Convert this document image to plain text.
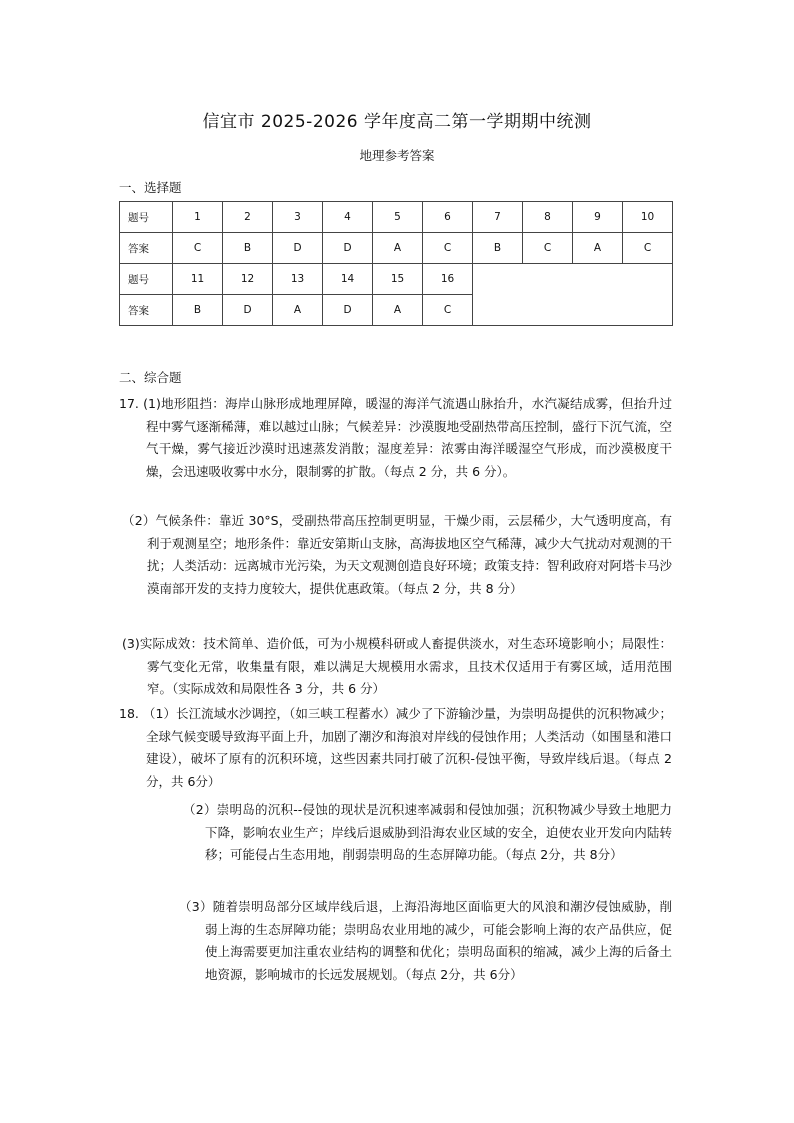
信宜市 2025-2026 学年度高二第一学期期中统测
地理参考答案
一、选择题
题号	1	2	3	4	5	6	7	8	9	10
答案	C	B	D	D	A	C	B	C	A	C
题号	11	12	13	14	15	16				
答案	B	D	A	D	A	C				
二、综合题

17. (1)地形阻挡：海岸山脉形成地理屏障，暖湿的海洋气流遇山脉抬升，水汽凝结成雾，但抬升过程中雾气逐渐稀薄，难以越过山脉；气候差异：沙漠腹地受副热带高压控制，盛行下沉气流，空气干燥，雾气接近沙漠时迅速蒸发消散；湿度差异：浓雾由海洋暖湿空气形成，而沙漠极度干燥，会迅速吸收雾中水分，限制雾的扩散。（每点 2 分，共 6 分）。

（2）气候条件：靠近 30°S，受副热带高压控制更明显，干燥少雨，云层稀少，大气透明度高，有利于观测星空；地形条件：靠近安第斯山支脉，高海拔地区空气稀薄，减少大气扰动对观测的干扰；人类活动：远离城市光污染，为天文观测创造良好环境；政策支持：智利政府对阿塔卡马沙漠南部开发的支持力度较大，提供优惠政策。（每点 2 分，共 8 分）

(3)实际成效：技术简单、造价低，可为小规模科研或人畜提供淡水，对生态环境影响小；局限性：雾气变化无常，收集量有限，难以满足大规模用水需求，且技术仅适用于有雾区域，适用范围窄。（实际成效和局限性各 3 分，共 6 分）

18. （1）长江流域水沙调控，（如三峡工程蓄水）减少了下游输沙量，为崇明岛提供的沉积物减少；全球气候变暖导致海平面上升，加剧了潮汐和海浪对岸线的侵蚀作用；人类活动（如围垦和港口建设），破坏了原有的沉积环境，这些因素共同打破了沉积-侵蚀平衡，导致岸线后退。（每点 2分，共 6分）

（2）崇明岛的沉积--侵蚀的现状是沉积速率减弱和侵蚀加强；沉积物减少导致土地肥力下降，影响农业生产；岸线后退威胁到沿海农业区域的安全，迫使农业开发向内陆转移；可能侵占生态用地，削弱崇明岛的生态屏障功能。（每点 2分，共 8分）

（3）随着崇明岛部分区域岸线后退，上海沿海地区面临更大的风浪和潮汐侵蚀威胁，削弱上海的生态屏障功能；崇明岛农业用地的减少，可能会影响上海的农产品供应，促使上海需要更加注重农业结构的调整和优化；崇明岛面积的缩减，减少上海的后备土地资源，影响城市的长远发展规划。（每点 2分，共 6分）
